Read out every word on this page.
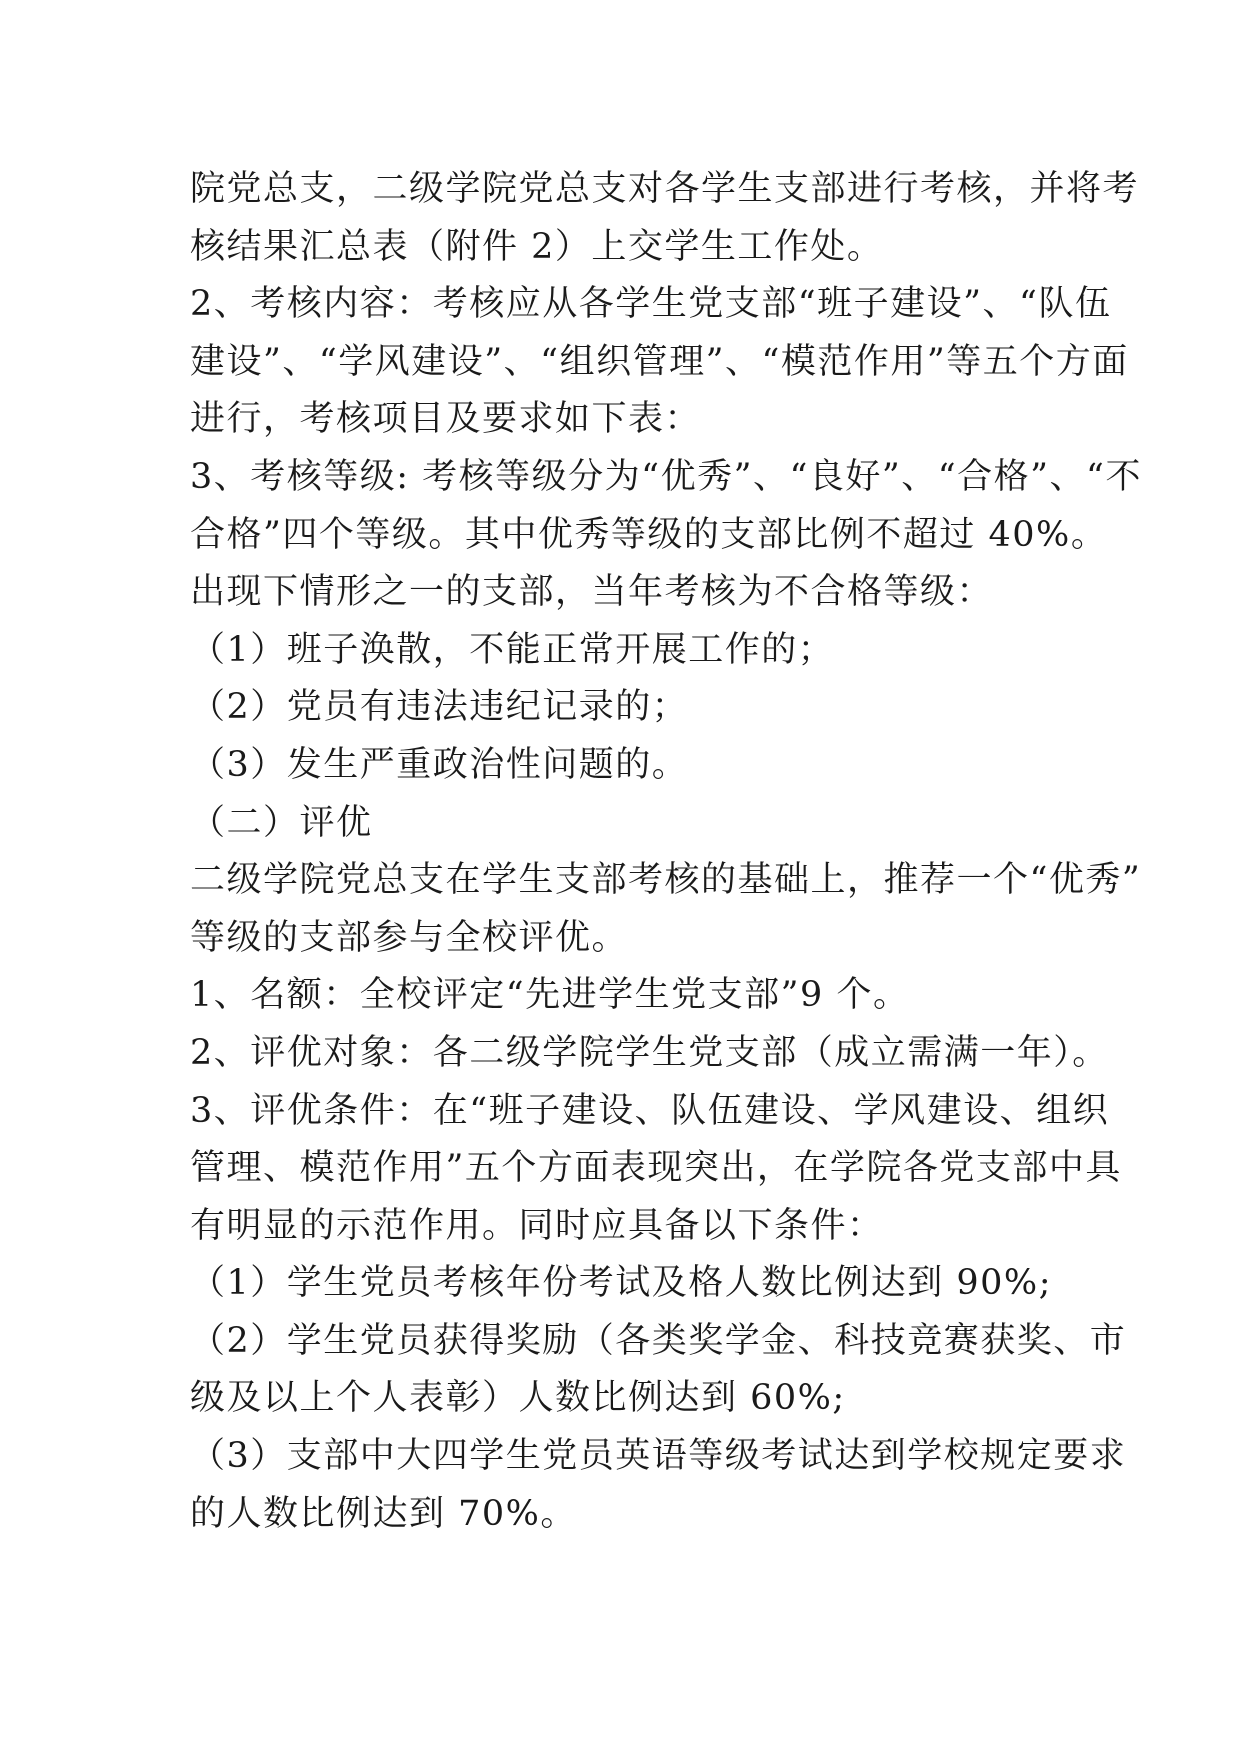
院党总支，二级学院党总支对各学生支部进行考核，并将考

核结果汇总表（附件 2）上交学生工作处。

2、考核内容：考核应从各学生党支部“班子建设”、“队伍

建设”、“学风建设”、“组织管理”、“模范作用”等五个方面

进行，考核项目及要求如下表：

3、考核等级: 考核等级分为“优秀”、“良好”、“合格”、“不

合格”四个等级。其中优秀等级的支部比例不超过 40%。

出现下情形之一的支部，当年考核为不合格等级：

（1）班子涣散，不能正常开展工作的；

（2）党员有违法违纪记录的；

（3）发生严重政治性问题的。

（二）评优

二级学院党总支在学生支部考核的基础上，推荐一个“优秀”

等级的支部参与全校评优。

1、名额：全校评定“先进学生党支部”9 个。

2、评优对象：各二级学院学生党支部（成立需满一年）。

3、评优条件：在“班子建设、队伍建设、学风建设、组织

管理、模范作用”五个方面表现突出，在学院各党支部中具

有明显的示范作用。同时应具备以下条件：

（1）学生党员考核年份考试及格人数比例达到 90%;

（2）学生党员获得奖励（各类奖学金、科技竞赛获奖、市

级及以上个人表彰）人数比例达到 60%;

（3）支部中大四学生党员英语等级考试达到学校规定要求

的人数比例达到 70%。
